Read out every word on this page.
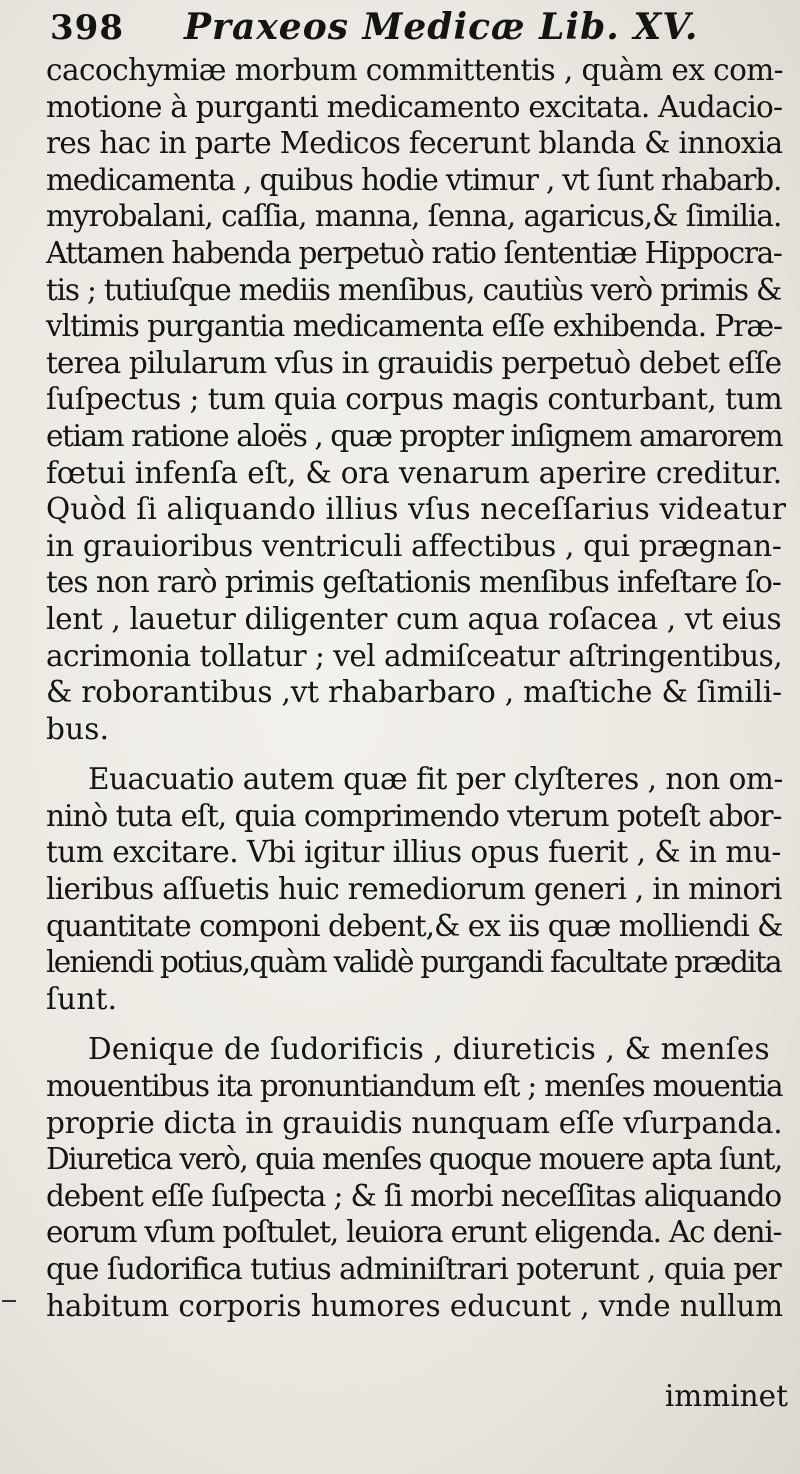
398 Praxeos Medicæ Lib. XV.
cacochymiæ morbum committentis , quàm ex com-
motione à purganti medicamento excitata. Audacio-
res hac in parte Medicos fecerunt blanda & innoxia
medicamenta , quibus hodie vtimur , vt ſunt rhabarb.
myrobalani, caſſia, manna, ſenna, agaricus,& ſimilia.
Attamen habenda perpetuò ratio ſententiæ Hippocra-
tis ; tutiuſque mediis menſibus, cautiùs verò primis &
vltimis purgantia medicamenta eſſe exhibenda. Præ-
terea pilularum vſus in grauidis perpetuò debet eſſe
ſuſpectus ; tum quia corpus magis conturbant, tum
etiam ratione aloës , quæ propter inſignem amarorem
fœtui infenſa eſt, & ora venarum aperire creditur.
Quòd ſi aliquando illius vſus neceſſarius videatur
in grauioribus ventriculi affectibus , qui prægnan-
tes non rarò primis geſtationis menſibus infeſtare ſo-
lent , lauetur diligenter cum aqua roſacea , vt eius
acrimonia tollatur ; vel admiſceatur aſtringentibus,
& roborantibus ,vt rhabarbaro , maſtiche & ſimili-
bus.
Euacuatio autem quæ fit per clyſteres , non om-
ninò tuta eſt, quia comprimendo vterum poteſt abor-
tum excitare. Vbi igitur illius opus fuerit , & in mu-
lieribus aſſuetis huic remediorum generi , in minori
quantitate componi debent,& ex iis quæ molliendi &
leniendi potius,quàm validè purgandi facultate prædita
ſunt.
Denique de ſudorificis , diureticis , & menſes
mouentibus ita pronuntiandum eſt ; menſes mouentia
proprie dicta in grauidis nunquam eſſe vſurpanda.
Diuretica verò, quia menſes quoque mouere apta ſunt,
debent eſſe ſuſpecta ; & ſi morbi neceſſitas aliquando
eorum vſum poſtulet, leuiora erunt eligenda. Ac deni-
que ſudorifica tutius adminiſtrari poterunt , quia per
habitum corporis humores educunt , vnde nullum
imminet
